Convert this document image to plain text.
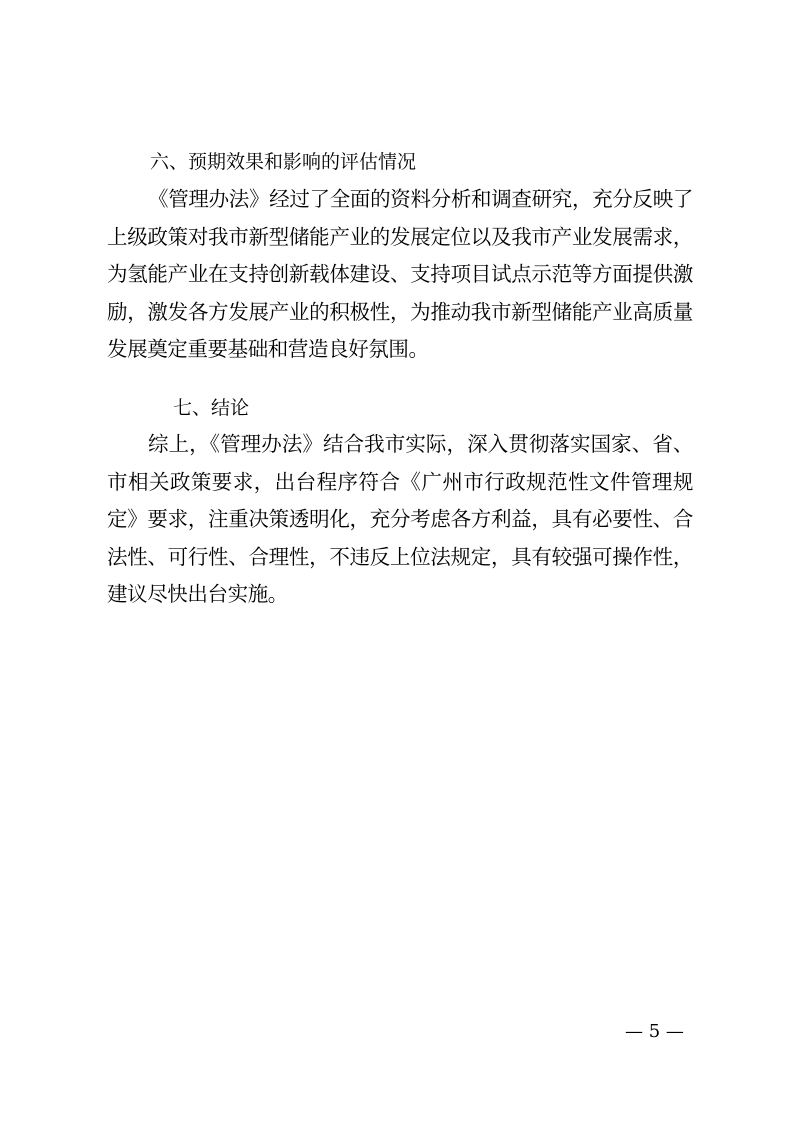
六、预期效果和影响的评估情况
《管理办法》经过了全面的资料分析和调查研究，充分反映了上级政策对我市新型储能产业的发展定位以及我市产业发展需求，为氢能产业在支持创新载体建设、支持项目试点示范等方面提供激励，激发各方发展产业的积极性，为推动我市新型储能产业高质量发展奠定重要基础和营造良好氛围。
七、结论
综上，《管理办法》结合我市实际，深入贯彻落实国家、省、市相关政策要求，出台程序符合《广州市行政规范性文件管理规定》要求，注重决策透明化，充分考虑各方利益，具有必要性、合法性、可行性、合理性，不违反上位法规定，具有较强可操作性，建议尽快出台实施。
— 5 —
